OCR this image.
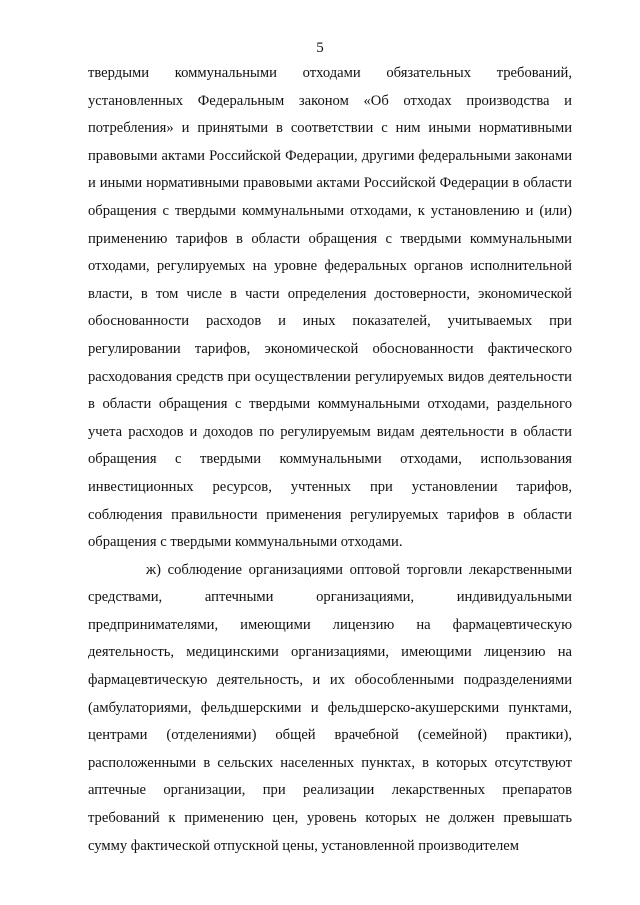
5

твердыми коммунальными отходами обязательных требований, установленных Федеральным законом «Об отходах производства и потребления» и принятыми в соответствии с ним иными нормативными правовыми актами Российской Федерации, другими федеральными законами и иными нормативными правовыми актами Российской Федерации в области обращения с твердыми коммунальными отходами, к установлению и (или) применению тарифов в области обращения с твердыми коммунальными отходами, регулируемых на уровне федеральных органов исполнительной власти, в том числе в части определения достоверности, экономической обоснованности расходов и иных показателей, учитываемых при регулировании тарифов, экономической обоснованности фактического расходования средств при осуществлении регулируемых видов деятельности в области обращения с твердыми коммунальными отходами, раздельного учета расходов и доходов по регулируемым видам деятельности в области обращения с твердыми коммунальными отходами, использования инвестиционных ресурсов, учтенных при установлении тарифов, соблюдения правильности применения регулируемых тарифов в области обращения с твердыми коммунальными отходами.

ж) соблюдение организациями оптовой торговли лекарственными средствами, аптечными организациями, индивидуальными предпринимателями, имеющими лицензию на фармацевтическую деятельность, медицинскими организациями, имеющими лицензию на фармацевтическую деятельность, и их обособленными подразделениями (амбулаториями, фельдшерскими и фельдшерско-акушерскими пунктами, центрами (отделениями) общей врачебной (семейной) практики), расположенными в сельских населенных пунктах, в которых отсутствуют аптечные организации, при реализации лекарственных препаратов требований к применению цен, уровень которых не должен превышать сумму фактической отпускной цены, установленной производителем
